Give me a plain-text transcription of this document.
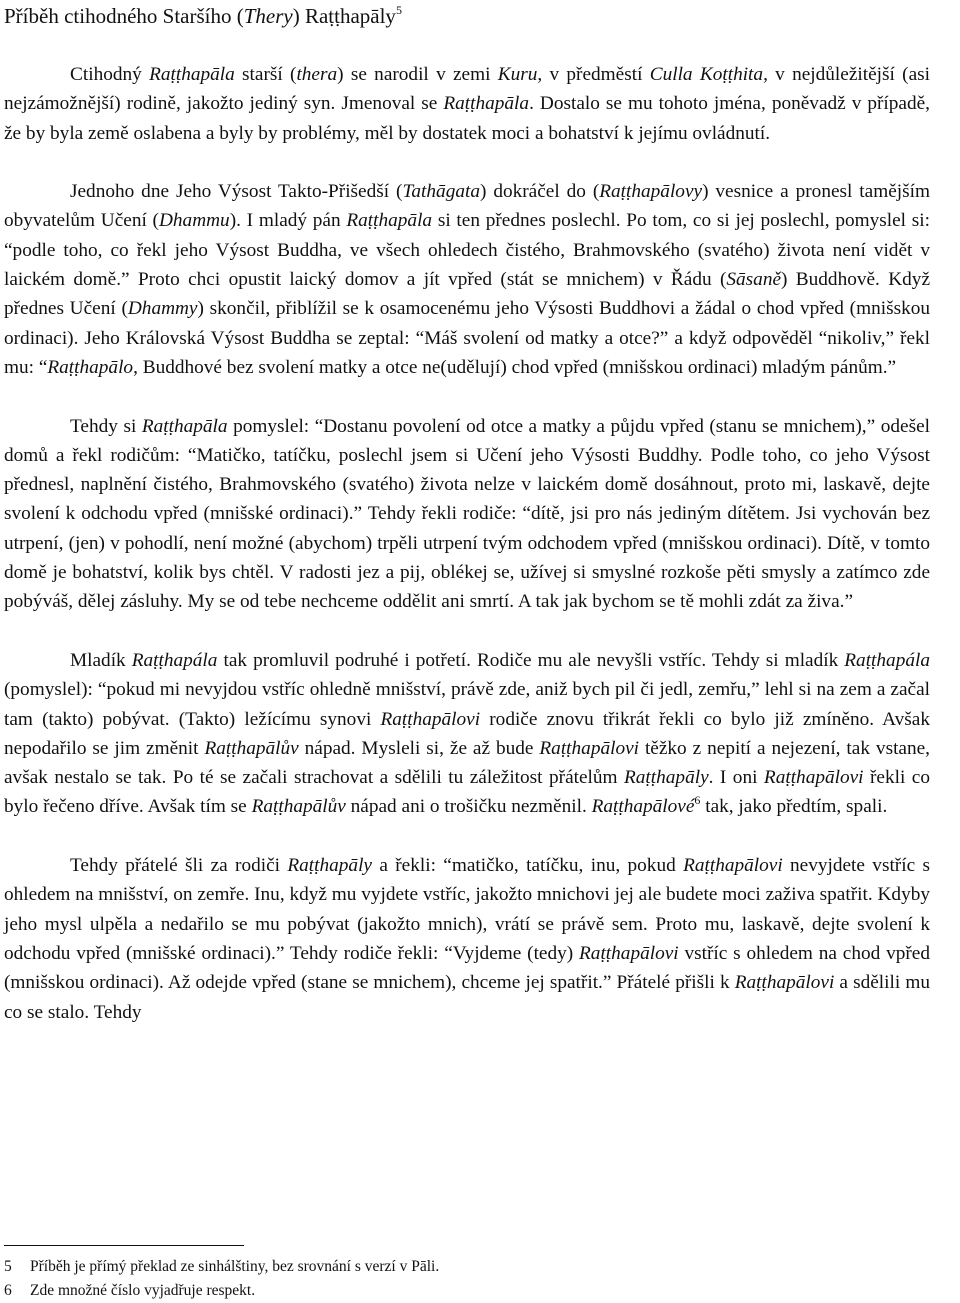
Příběh ctihodného Staršího (Thery) Raṭṭhapāly$^5$

Ctihodný Raṭṭhapāla starší (thera) se narodil v zemi Kuru, v předměstí Culla Koṭṭhita, v nejdůležitější (asi nejzámožnější) rodině, jakožto jediný syn. Jmenoval se Raṭṭhapāla. Dostalo se mu tohoto jména, poněvadž v případě, že by byla země oslabena a byly by problémy, měl by dostatek moci a bohatství k jejímu ovládnutí.

Jednoho dne Jeho Výsost Takto-Přišedší (Tathāgata) dokráčel do (Raṭṭhapālovy) vesnice a pronesl tamějším obyvatelům Učení (Dhammu). I mladý pán Raṭṭhapāla si ten přednes poslechl. Po tom, co si jej poslechl, pomyslel si: “podle toho, co řekl jeho Výsost Buddha, ve všech ohledech čistého, Brahmovského (svatého) života není vidět v laickém domě.” Proto chci opustit laický domov a jít vpřed (stát se mnichem) v Řádu (Sāsaně) Buddhově. Když přednes Učení (Dhammy) skončil, přiblížil se k osamocenému jeho Výsosti Buddhovi a žádal o chod vpřed (mnišskou ordinaci). Jeho Královská Výsost Buddha se zeptal: “Máš svolení od matky a otce?” a když odpověděl “nikoliv,” řekl mu: “Raṭṭhapālo, Buddhové bez svolení matky a otce ne(udělují) chod vpřed (mnišskou ordinaci) mladým pánům.”

Tehdy si Raṭṭhapāla pomyslel: “Dostanu povolení od otce a matky a půjdu vpřed (stanu se mnichem),” odešel domů a řekl rodičům: “Matičko, tatíčku, poslechl jsem si Učení jeho Výsosti Buddhy. Podle toho, co jeho Výsost přednesl, naplnění čistého, Brahmovského (svatého) života nelze v laickém domě dosáhnout, proto mi, laskavě, dejte svolení k odchodu vpřed (mnišské ordinaci).” Tehdy řekli rodiče: “dítě, jsi pro nás jediným dítětem. Jsi vychován bez utrpení, (jen) v pohodlí, není možné (abychom) trpěli utrpení tvým odchodem vpřed (mnišskou ordinaci). Dítě, v tomto domě je bohatství, kolik bys chtěl. V radosti jez a pij, oblékej se, užívej si smyslné rozkoše pěti smysly a zatímco zde pobýváš, dělej zásluhy. My se od tebe nechceme oddělit ani smrtí. A tak jak bychom se tě mohli zdát za živa.”

Mladík Raṭṭhapála tak promluvil podruhé i potřetí. Rodiče mu ale nevyšli vstříc. Tehdy si mladík Raṭṭhapála (pomyslel): “pokud mi nevyjdou vstříc ohledně mnišství, právě zde, aniž bych pil či jedl, zemřu,” lehl si na zem a začal tam (takto) pobývat. (Takto) ležícímu synovi Raṭṭhapālovi rodiče znovu třikrát řekli co bylo již zmíněno. Avšak nepodařilo se jim změnit Raṭṭhapālův nápad. Mysleli si, že až bude Raṭṭhapālovi těžko z nepití a nejezení, tak vstane, avšak nestalo se tak. Po té se začali strachovat a sdělili tu záležitost přátelům Raṭṭhapāly. I oni Raṭṭhapālovi řekli co bylo řečeno dříve. Avšak tím se Raṭṭhapālův nápad ani o trošičku nezměnil. Raṭṭhapālové$^6$ tak, jako předtím, spali.

Tehdy přátelé šli za rodiči Raṭṭhapāly a řekli: “matičko, tatíčku, inu, pokud Raṭṭhapālovi nevyjdete vstříc s ohledem na mnišství, on zemře. Inu, když mu vyjdete vstříc, jakožto mnichovi jej ale budete moci zaživa spatřit. Kdyby jeho mysl ulpěla a nedařilo se mu pobývat (jakožto mnich), vrátí se právě sem. Proto mu, laskavě, dejte svolení k odchodu vpřed (mnišské ordinaci).” Tehdy rodiče řekli: “Vyjdeme (tedy) Raṭṭhapālovi vstříc s ohledem na chod vpřed (mnišskou ordinaci). Až odejde vpřed (stane se mnichem), chceme jej spatřit.” Přátelé přišli k Raṭṭhapālovi a sdělili mu co se stalo. Tehdy

5 Příběh je přímý překlad ze sinhálštiny, bez srovnání s verzí v Pāli.
6 Zde množné číslo vyjadřuje respekt.
